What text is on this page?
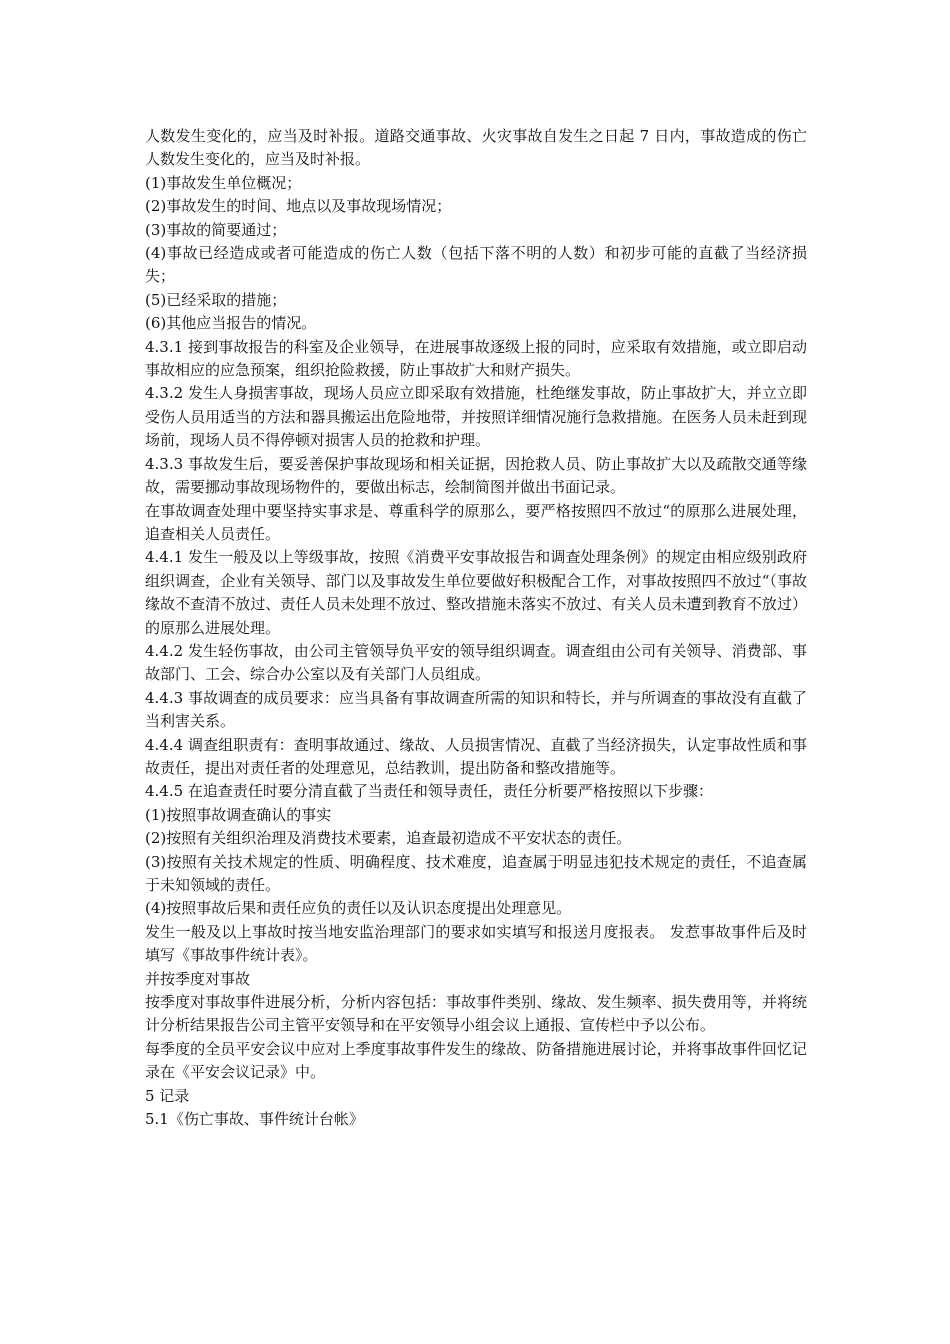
人数发生变化的，应当及时补报。道路交通事故、火灾事故自发生之日起 7 日内，事故造成的伤亡人数发生变化的，应当及时补报。

(1)事故发生单位概况；

(2)事故发生的时间、地点以及事故现场情况；

(3)事故的简要通过；

(4)事故已经造成或者可能造成的伤亡人数（包括下落不明的人数）和初步可能的直截了当经济损失；

(5)已经采取的措施；

(6)其他应当报告的情况。

4.3.1 接到事故报告的科室及企业领导，在进展事故逐级上报的同时，应采取有效措施，或立即启动事故相应的应急预案，组织抢险救援，防止事故扩大和财产损失。

4.3.2 发生人身损害事故，现场人员应立即采取有效措施，杜绝继发事故，防止事故扩大，并立立即受伤人员用适当的方法和器具搬运出危险地带，并按照详细情况施行急救措施。在医务人员未赶到现场前，现场人员不得停顿对损害人员的抢救和护理。

4.3.3 事故发生后，要妥善保护事故现场和相关证据，因抢救人员、防止事故扩大以及疏散交通等缘故，需要挪动事故现场物件的，要做出标志，绘制简图并做出书面记录。

在事故调查处理中要坚持实事求是、尊重科学的原那么，要严格按照四不放过“的原那么进展处理，追查相关人员责任。

4.4.1 发生一般及以上等级事故，按照《消费平安事故报告和调查处理条例》的规定由相应级别政府组织调查，企业有关领导、部门以及事故发生单位要做好积极配合工作，对事故按照四不放过“（事故缘故不查清不放过、责任人员未处理不放过、整改措施未落实不放过、有关人员未遭到教育不放过）的原那么进展处理。

4.4.2 发生轻伤事故，由公司主管领导负平安的领导组织调查。调查组由公司有关领导、消费部、事故部门、工会、综合办公室以及有关部门人员组成。

4.4.3 事故调查的成员要求：应当具备有事故调查所需的知识和特长，并与所调查的事故没有直截了当利害关系。

4.4.4 调查组职责有：查明事故通过、缘故、人员损害情况、直截了当经济损失，认定事故性质和事故责任，提出对责任者的处理意见，总结教训，提出防备和整改措施等。

4.4.5 在追查责任时要分清直截了当责任和领导责任，责任分析要严格按照以下步骤：

(1)按照事故调查确认的事实

(2)按照有关组织治理及消费技术要素，追查最初造成不平安状态的责任。

(3)按照有关技术规定的性质、明确程度、技术难度，追查属于明显违犯技术规定的责任，不追查属于未知领域的责任。

(4)按照事故后果和责任应负的责任以及认识态度提出处理意见。

发生一般及以上事故时按当地安监治理部门的要求如实填写和报送月度报表。 发惹事故事件后及时填写《事故事件统计表》。

并按季度对事故

按季度对事故事件进展分析，分析内容包括：事故事件类别、缘故、发生频率、损失费用等，并将统计分析结果报告公司主管平安领导和在平安领导小组会议上通报、宣传栏中予以公布。

每季度的全员平安会议中应对上季度事故事件发生的缘故、防备措施进展讨论，并将事故事件回忆记录在《平安会议记录》中。

5 记录

5.1《伤亡事故、事件统计台帐》
